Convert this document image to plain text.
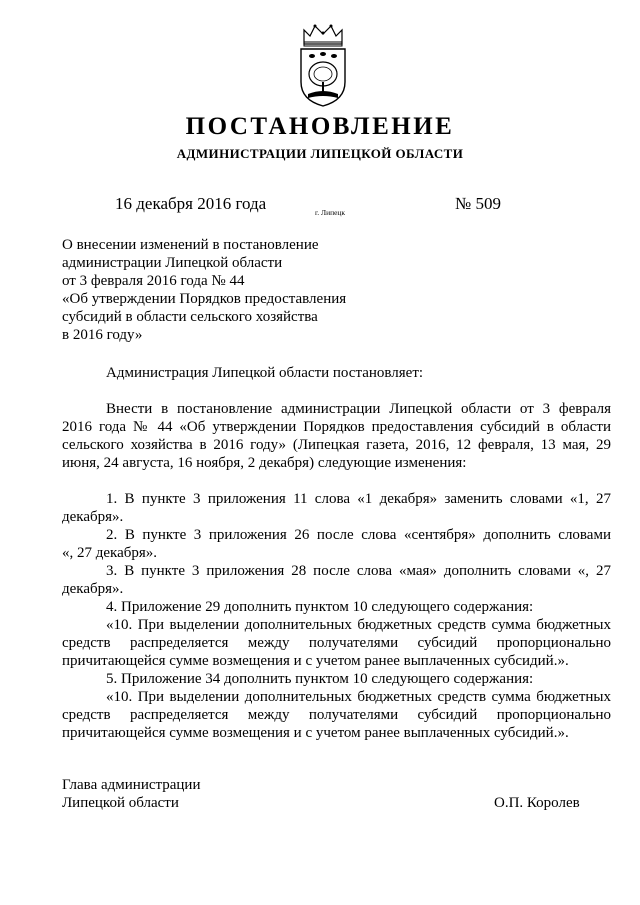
ПОСТАНОВЛЕНИЕ
АДМИНИСТРАЦИИ ЛИПЕЦКОЙ ОБЛАСТИ
16 декабря 2016 года	г. Липецк	№ 509
О внесении изменений в постановление
администрации Липецкой области
от 3 февраля 2016 года № 44
«Об утверждении Порядков предоставления
субсидий в области сельского хозяйства
в 2016 году»
Администрация Липецкой области постановляет:
Внести в постановление администрации Липецкой области от 3 февраля
2016 года № 44 «Об утверждении Порядков предоставления субсидий в области
сельского хозяйства в 2016 году» (Липецкая газета, 2016, 12 февраля, 13 мая, 29
июня, 24 августа, 16 ноября, 2 декабря) следующие изменения:
1. В пункте 3 приложения 11 слова «1 декабря» заменить словами «1, 27
декабря».
2. В пункте 3 приложения 26 после слова «сентября» дополнить словами
«, 27 декабря».
3. В пункте 3 приложения 28 после слова «мая» дополнить словами «, 27
декабря».
4. Приложение 29 дополнить пунктом 10 следующего содержания:
«10. При выделении дополнительных бюджетных средств сумма бюджетных
средств распределяется между получателями субсидий пропорционально
причитающейся сумме возмещения и с учетом ранее выплаченных субсидий.».
5. Приложение 34 дополнить пунктом 10 следующего содержания:
«10. При выделении дополнительных бюджетных средств сумма бюджетных
средств распределяется между получателями субсидий пропорционально
причитающейся сумме возмещения и с учетом ранее выплаченных субсидий.».
Глава администрации
Липецкой области	О.П. Королев
